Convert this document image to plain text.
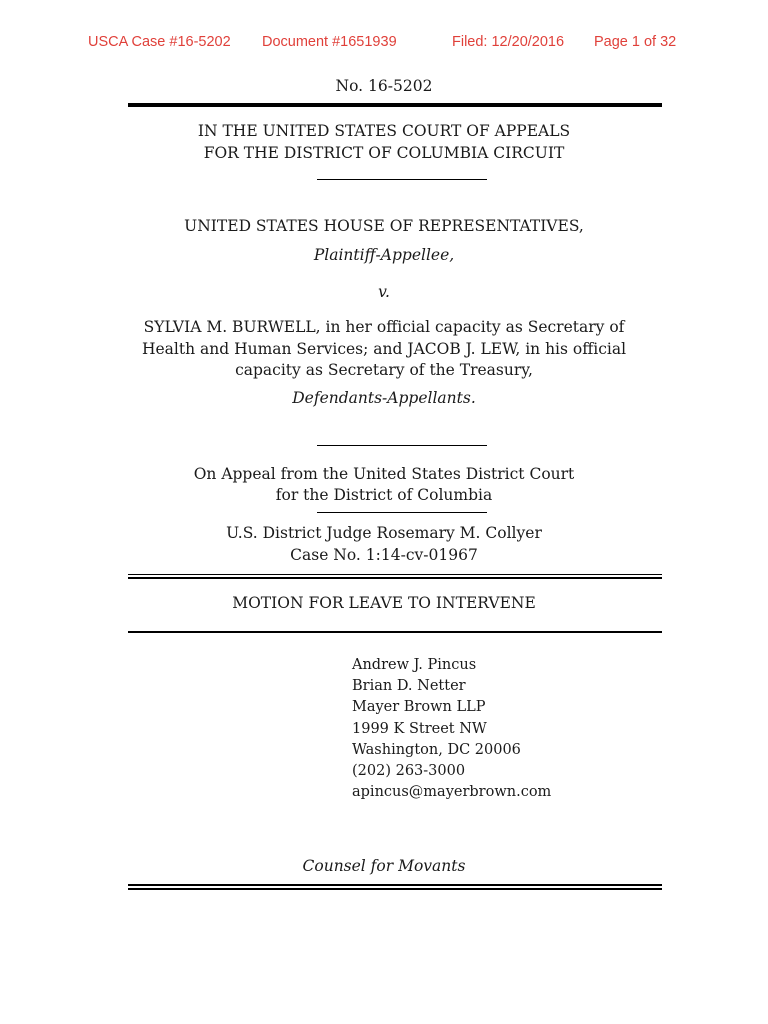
USCA Case #16-5202 Document #1651939	Filed: 12/20/2016 Page 1 of 32
No. 16-5202
IN THE UNITED STATES COURT OF APPEALS
FOR THE DISTRICT OF COLUMBIA CIRCUIT
UNITED STATES HOUSE OF REPRESENTATIVES,
Plaintiff-Appellee,
v.
SYLVIA M. BURWELL, in her official capacity as Secretary of
Health and Human Services; and JACOB J. LEW, in his official
capacity as Secretary of the Treasury,
Defendants-Appellants.
On Appeal from the United States District Court
for the District of Columbia
U.S. District Judge Rosemary M. Collyer
Case No. 1:14-cv-01967
MOTION FOR LEAVE TO INTERVENE
Andrew J. Pincus
Brian D. Netter
Mayer Brown LLP
1999 K Street NW
Washington, DC 20006
(202) 263-3000
apincus@mayerbrown.com
Counsel for Movants
